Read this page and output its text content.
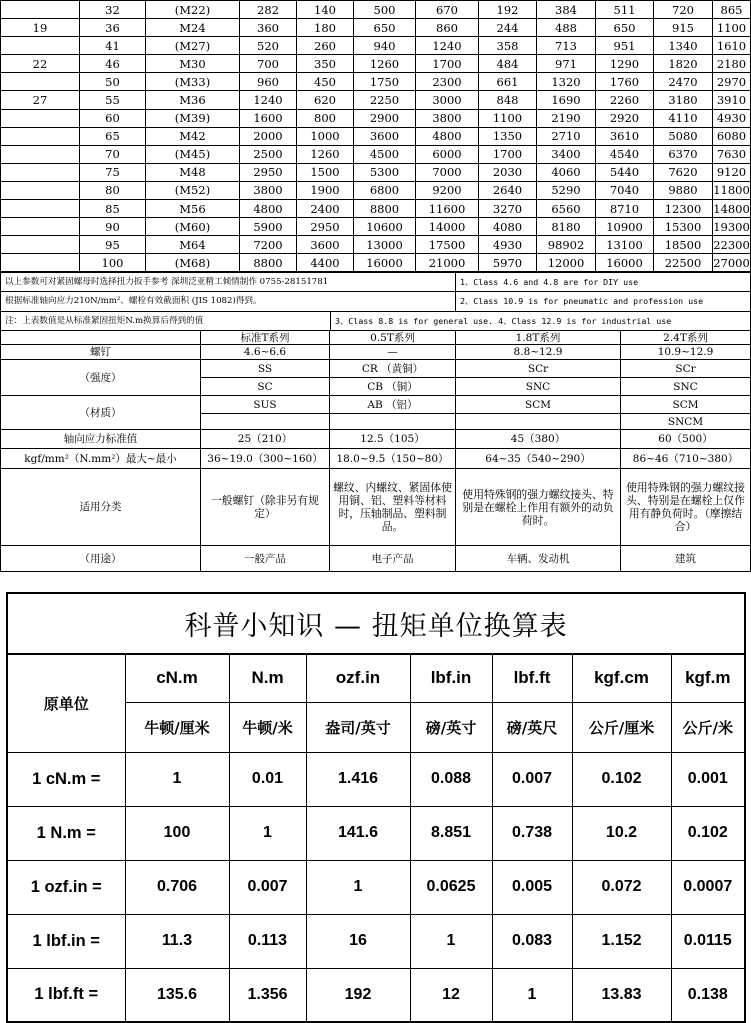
	32	(M22)	282	140	500	670	192	384	511	720	865
19	36	M24	360	180	650	860	244	488	650	915	1100
	41	(M27)	520	260	940	1240	358	713	951	1340	1610
22	46	M30	700	350	1260	1700	484	971	1290	1820	2180
	50	(M33)	960	450	1750	2300	661	1320	1760	2470	2970
27	55	M36	1240	620	2250	3000	848	1690	2260	3180	3910
	60	(M39)	1600	800	2900	3800	1100	2190	2920	4110	4930
	65	M42	2000	1000	3600	4800	1350	2710	3610	5080	6080
	70	(M45)	2500	1260	4500	6000	1700	3400	4540	6370	7630
	75	M48	2950	1500	5300	7000	2030	4060	5440	7620	9120
	80	(M52)	3800	1900	6800	9200	2640	5290	7040	9880	11800
	85	M56	4800	2400	8800	11600	3270	6560	8710	12300	14800
	90	(M60)	5900	2950	10600	14000	4080	8180	10900	15300	19300
	95	M64	7200	3600	13000	17500	4930	98902	13100	18500	22300
	100	(M68)	8800	4400	16000	21000	5970	12000	16000	22500	27000
以上参数可对紧固螺母时选择扭力扳手参考 深圳泛亚精工倾情制作 0755-28151781		1、Class 4.6 and 4.8 are for DIY use
根据标准轴向应力210N/mm²、螺栓有效截面积 (JIS 1082)得到。		2、Class 10.9 is for pneumatic and profession use
注：上表数值是从标准紧固扭矩N.m换算后得到的值	3、Class 8.8 is for general use. 4、Class 12.9 is for industrial use	
	标准T系列	0.5T系列	1.8T系列	2.4T系列
螺钉	4.6~6.6	—	8.8~12.9	10.9~12.9
（强度）	SS	CR （黄铜）	SCr	SCr
	SC	CB （铜）	SNC	SNC
（材质）	SUS	AB （铝）	SCM	SCM
				SNCM
轴向应力标准值	25（210）	12.5（105）	45（380）	60（500）
kgf/mm²（N.mm²）最大~最小	36~19.0（300~160）	18.0~9.5（150~80）	64~35（540~290）	86~46（710~380）
适用分类	一般螺钉（除非另有规定）	螺纹、内螺纹、紧固体使用铜、铝、塑料等材料时，压轴制品、塑料制品。	使用特殊钢的强力螺纹接头、特别是在螺栓上作用有额外的动负荷时。	使用特殊钢的强力螺纹接头、特别是在螺栓上仅作用有静负荷时。（摩擦结合）
（用途）	一般产品	电子产品	车辆、发动机	建筑
科普小知识 — 扭矩单位换算表							
原单位	cN.m	N.m	ozf.in	lbf.in	lbf.ft	kgf.cm	kgf.m
	牛顿/厘米	牛顿/米	盎司/英寸	磅/英寸	磅/英尺	公斤/厘米	公斤/米
1 cN.m =	1	0.01	1.416	0.088	0.007	0.102	0.001
1 N.m =	100	1	141.6	8.851	0.738	10.2	0.102
1 ozf.in =	0.706	0.007	1	0.0625	0.005	0.072	0.0007
1 lbf.in =	11.3	0.113	16	1	0.083	1.152	0.0115
1 lbf.ft =	135.6	1.356	192	12	1	13.83	0.138
